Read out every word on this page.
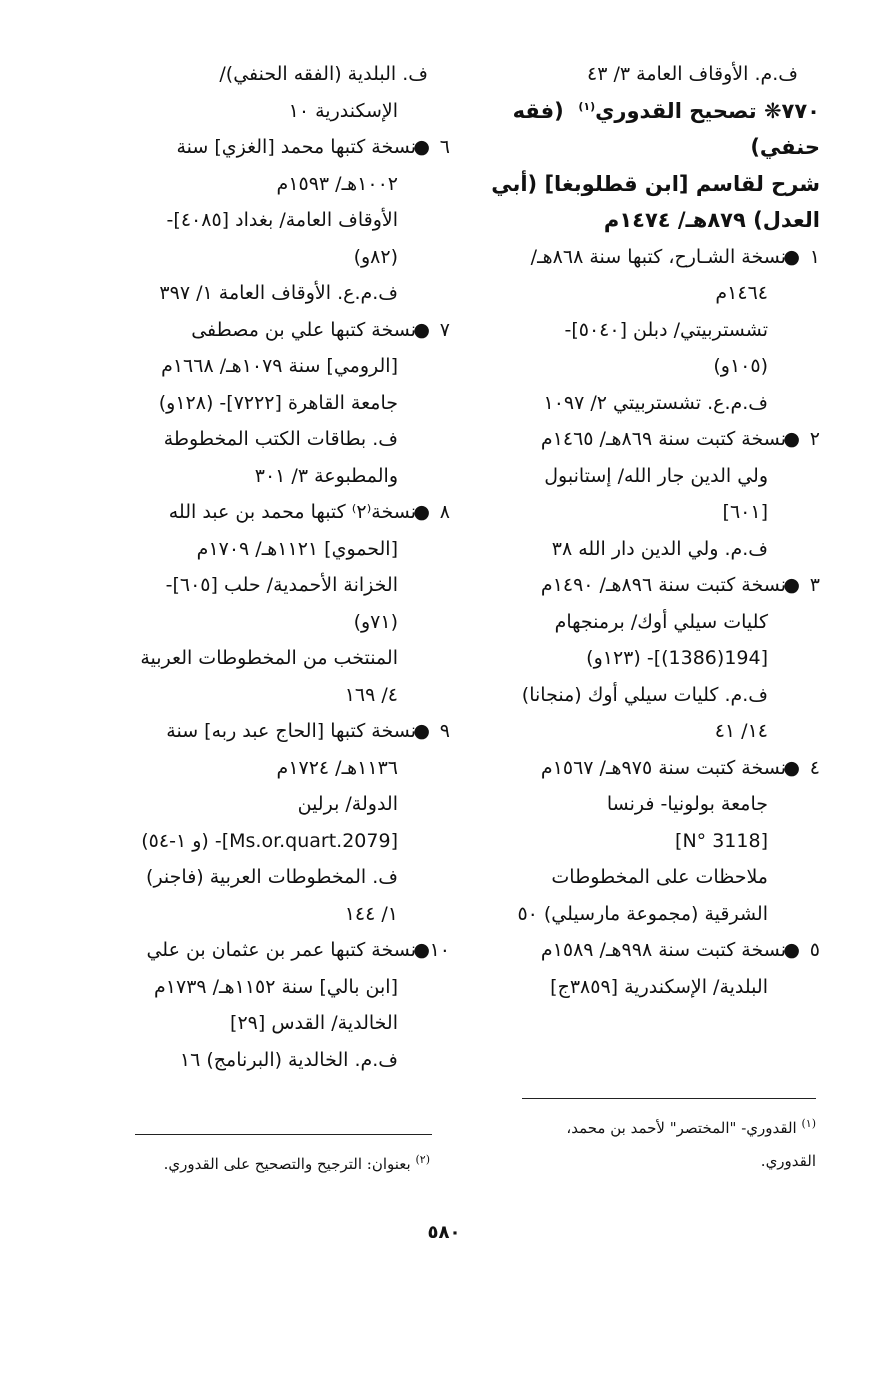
ف.م. الأوقاف العامة ٣/ ٤٣
٧٧٠❋ تصحيح القدوري$^{(١)}$  (فقه
حنفي)
شرح لقاسم [ابن قطلوبغا] (أبي
العدل) ٨٧٩هـ/ ١٤٧٤م
١●نسخة الشـارح، كتبها سنة ٨٦٨هـ/
١٤٦٤م
تشستربيتي/ دبلن [٥٠٤٠]-
(١٠٥و)
ف.م.ع. تشستربيتي ٢/ ١٠٩٧
٢●نسخة كتبت سنة ٨٦٩هـ/ ١٤٦٥م
ولي الدين جار الله/ إستانبول
[٦٠١]
ف.م. ولي الدين دار الله ٣٨
٣●نسخة كتبت سنة ٨٩٦هـ/ ١٤٩٠م
كليات سيلي أوك/ برمنجهام
[194(1386)]- (١٢٣و)
ف.م. كليات سيلي أوك (منجانا)
١٤/ ٤١
٤●نسخة كتبت سنة ٩٧٥هـ/ ١٥٦٧م
جامعة بولونيا- فرنسا
[N° 3118]
ملاحظات على المخطوطات
الشرقية (مجموعة مارسيلي) ٥٠
٥●نسخة كتبت سنة ٩٩٨هـ/ ١٥٨٩م
البلدية/ الإسكندرية [٣٨٥٩ج]
ف. البلدية (الفقه الحنفي)/
الإسكندرية ١٠
٦●نسخة كتبها محمد [الغزي] سنة
١٠٠٢هـ/ ١٥٩٣م
الأوقاف العامة/ بغداد [٤٠٨٥]-
(٨٢و)
ف.م.ع. الأوقاف العامة ١/ ٣٩٧
٧●نسخة كتبها علي بن مصطفى
[الرومي] سنة ١٠٧٩هـ/ ١٦٦٨م
جامعة القاهرة [٧٢٢٢]- (١٢٨و)
ف. بطاقات الكتب المخطوطة
والمطبوعة ٣/ ٣٠١
٨●نسخة⁽٢⁾ كتبها محمد بن عبد الله
[الحموي] ١١٢١هـ/ ١٧٠٩م
الخزانة الأحمدية/ حلب [٦٠٥]-
(٧١و)
المنتخب من المخطوطات العربية
٤/ ١٦٩
٩●نسخة كتبها [الحاج عبد ربه] سنة
١١٣٦هـ/ ١٧٢٤م
الدولة/ برلين
[Ms.or.quart.2079]- (و ١-٥٤)
ف. المخطوطات العربية (فاجنر)
١/ ١٤٤
١٠●نسخة كتبها عمر بن عثمان بن علي
[ابن بالي] سنة ١١٥٢هـ/ ١٧٣٩م
الخالدية/ القدس [٢٩]
ف.م. الخالدية (البرنامج) ١٦
$^{(١)}$ القدوري- "المختصر" لأحمد بن محمد،
القدوري.
$^{(٢)}$ بعنوان: الترجيح والتصحيح على القدوري.
٥٨٠
